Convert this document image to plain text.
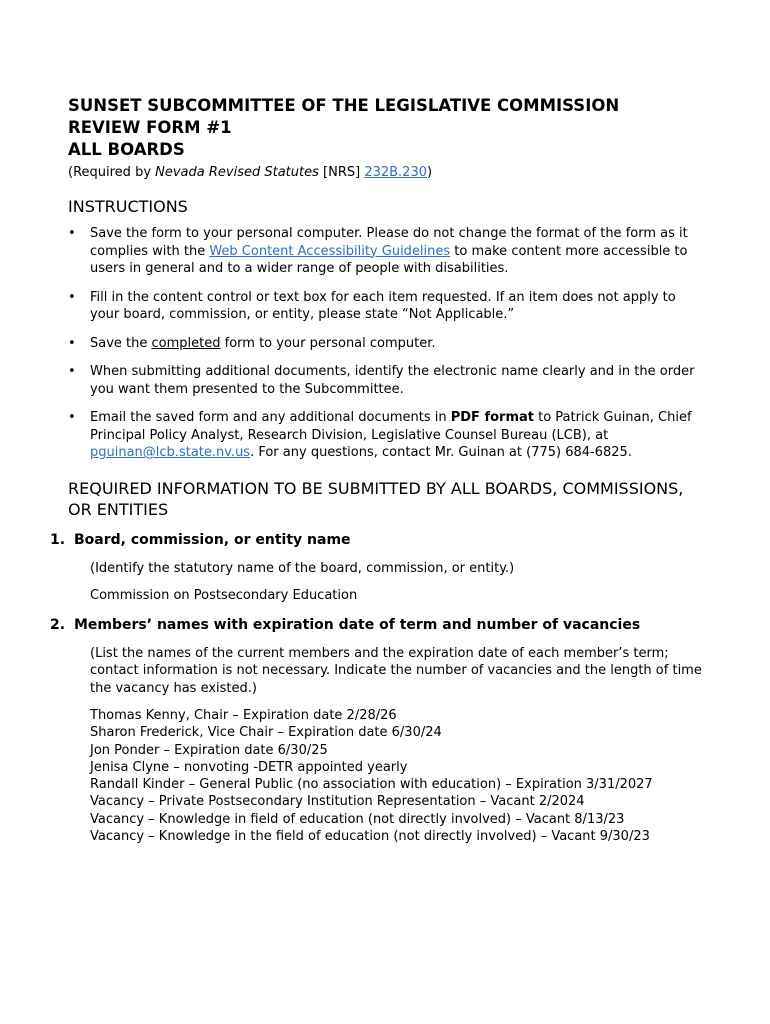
SUNSET SUBCOMMITTEE OF THE LEGISLATIVE COMMISSION
REVIEW FORM #1
ALL BOARDS

(Required by Nevada Revised Statutes [NRS] 232B.230)

INSTRUCTIONS
• Save the form to your personal computer. Please do not change the format of the form as it complies with the Web Content Accessibility Guidelines to make content more accessible to users in general and to a wider range of people with disabilities.
• Fill in the content control or text box for each item requested. If an item does not apply to your board, commission, or entity, please state “Not Applicable.”
• Save the completed form to your personal computer.
• When submitting additional documents, identify the electronic name clearly and in the order you want them presented to the Subcommittee.
• Email the saved form and any additional documents in PDF format to Patrick Guinan, Chief Principal Policy Analyst, Research Division, Legislative Counsel Bureau (LCB), at pguinan@lcb.state.nv.us. For any questions, contact Mr. Guinan at (775) 684-6825.
REQUIRED INFORMATION TO BE SUBMITTED BY ALL BOARDS, COMMISSIONS, OR ENTITIES
1. Board, commission, or entity name

(Identify the statutory name of the board, commission, or entity.)

Commission on Postsecondary Education

2. Members’ names with expiration date of term and number of vacancies

(List the names of the current members and the expiration date of each member’s term; contact information is not necessary. Indicate the number of vacancies and the length of time the vacancy has existed.)

Thomas Kenny, Chair – Expiration date 2/28/26
Sharon Frederick, Vice Chair – Expiration date 6/30/24
Jon Ponder – Expiration date 6/30/25
Jenisa Clyne – nonvoting -DETR appointed yearly
Randall Kinder – General Public (no association with education) – Expiration 3/31/2027
Vacancy – Private Postsecondary Institution Representation – Vacant 2/2024
Vacancy – Knowledge in field of education (not directly involved) – Vacant 8/13/23
Vacancy – Knowledge in the field of education (not directly involved) – Vacant 9/30/23
